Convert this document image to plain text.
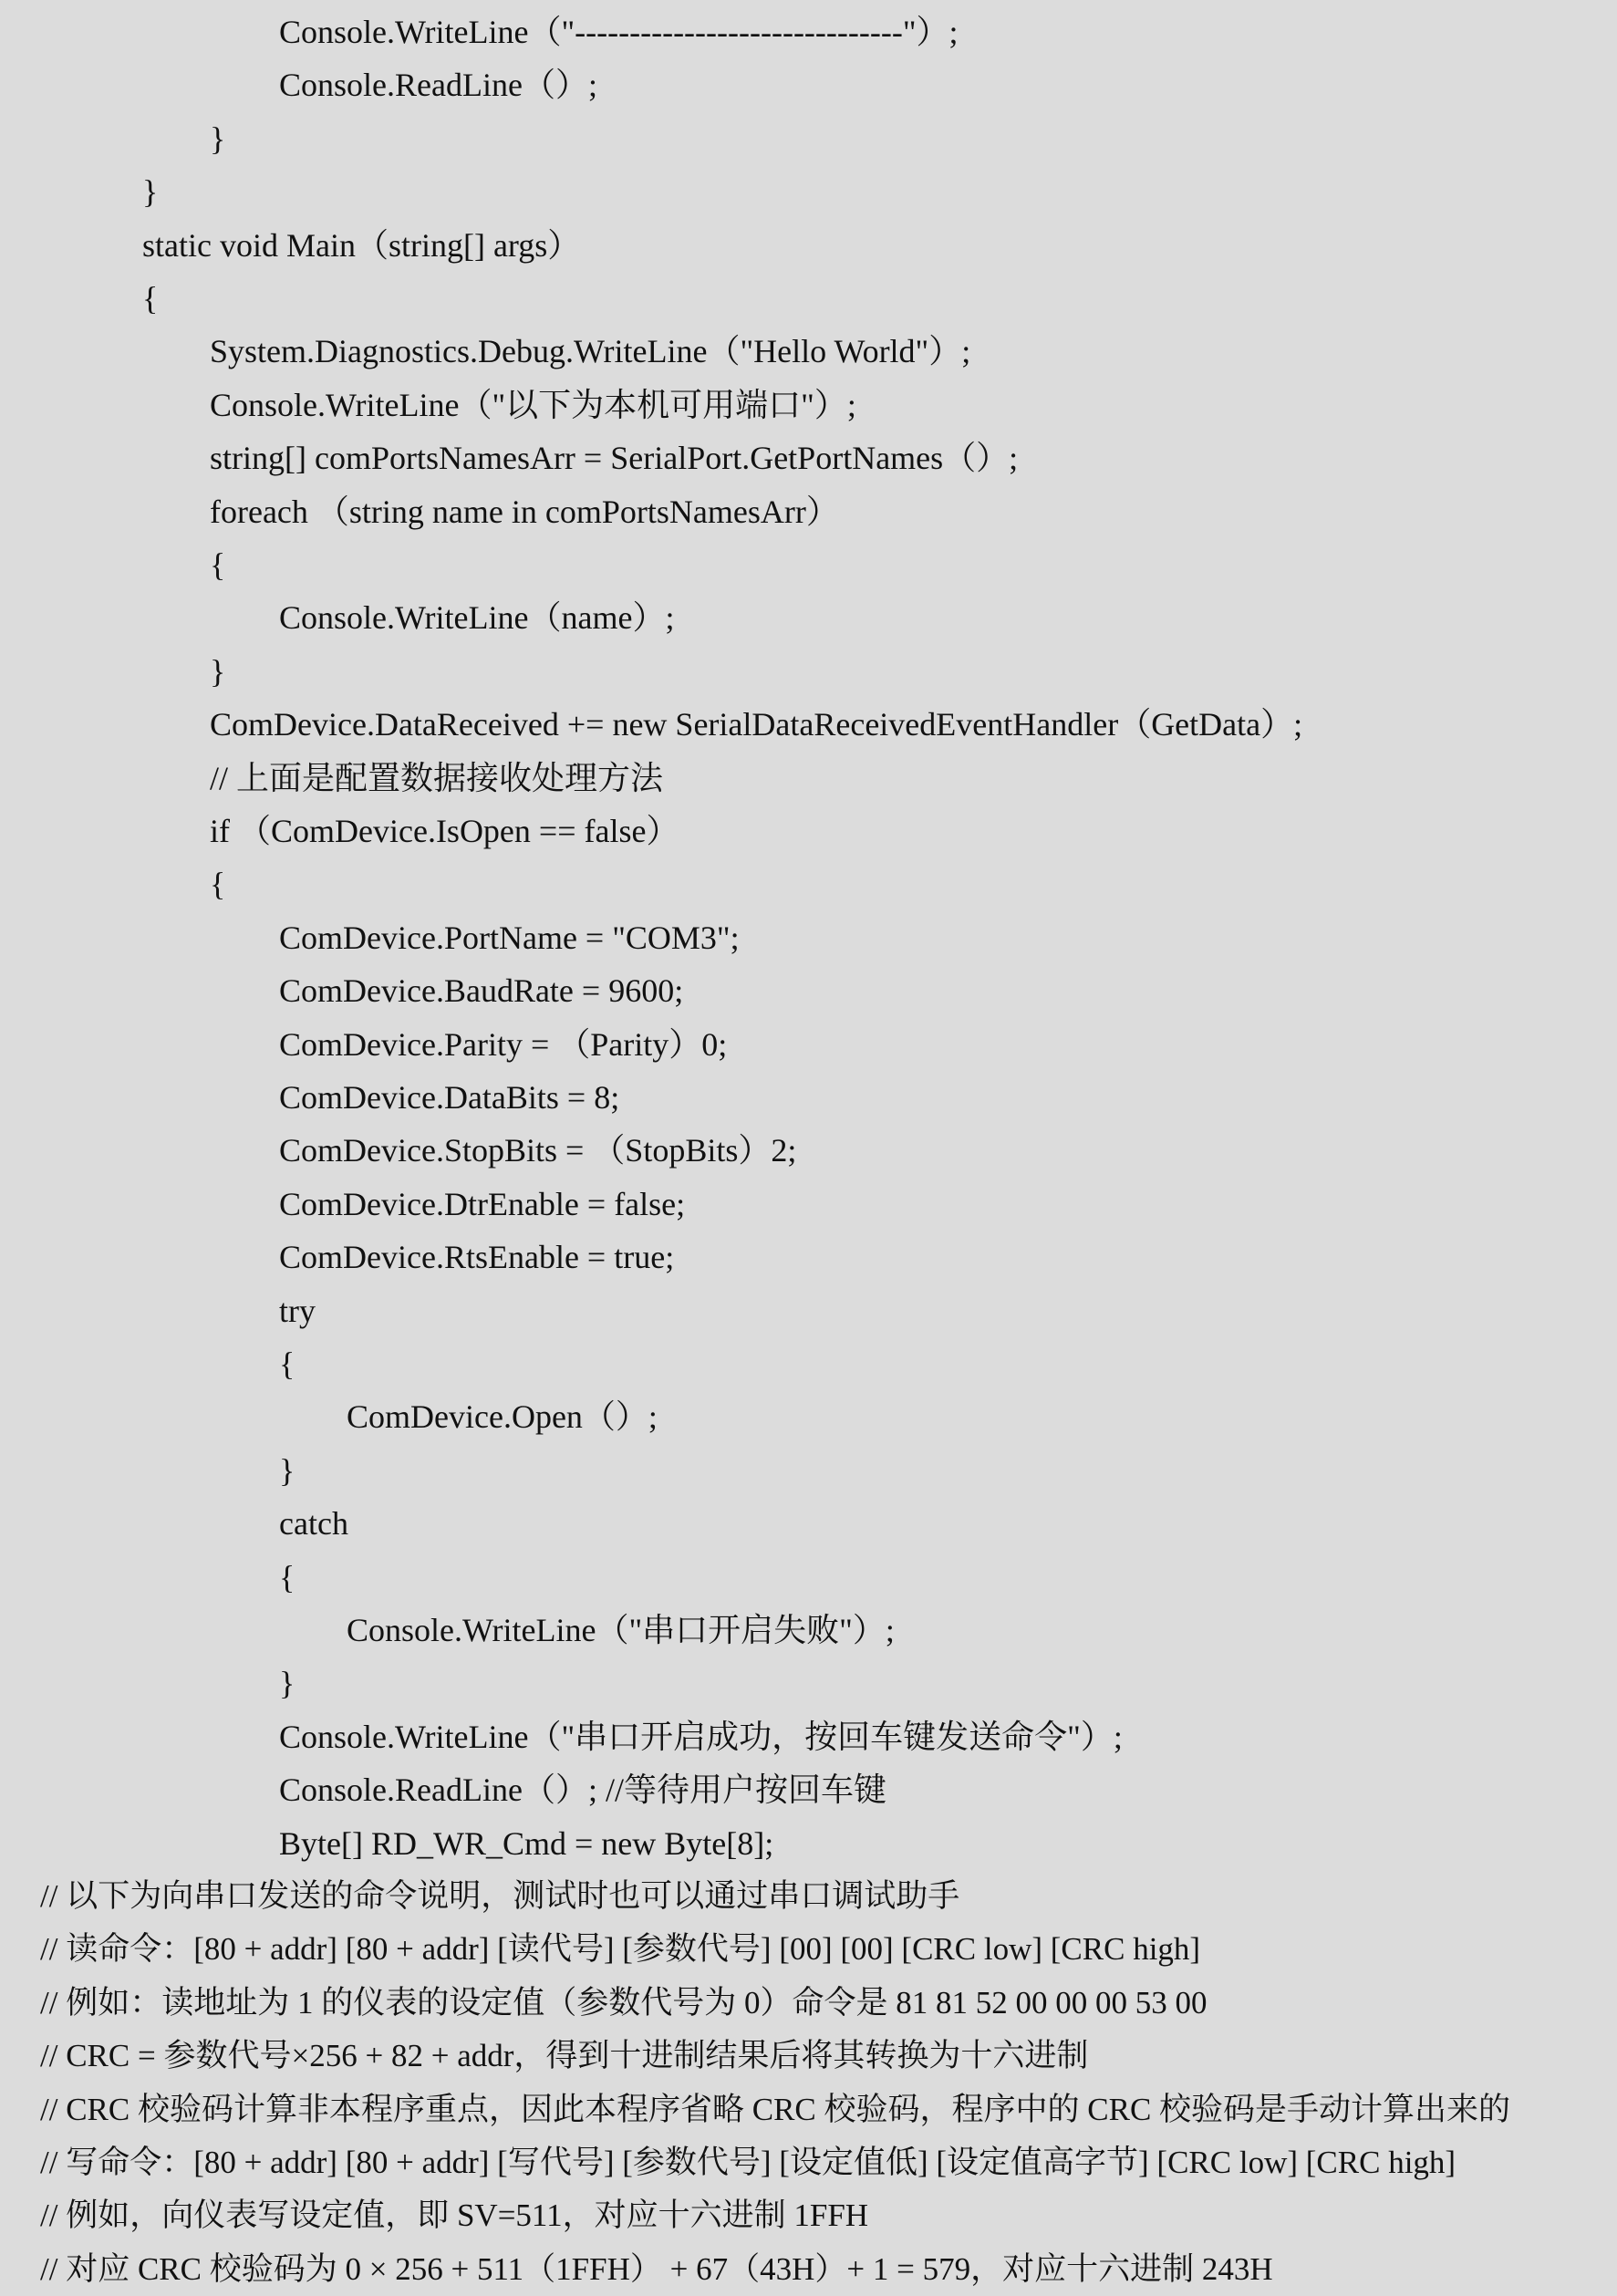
Console.WriteLine（"------------------------------"）;
Console.ReadLine（）;
}
}
static void Main（string[] args）
{
System.Diagnostics.Debug.WriteLine（"Hello World"）;
Console.WriteLine（"以下为本机可用端口"）;
string[] comPortsNamesArr = SerialPort.GetPortNames（）;
foreach （string name in comPortsNamesArr）
{
Console.WriteLine（name）;
}
ComDevice.DataReceived += new SerialDataReceivedEventHandler（GetData）;
// 上面是配置数据接收处理方法
if （ComDevice.IsOpen == false）
{
ComDevice.PortName = "COM3";
ComDevice.BaudRate = 9600;
ComDevice.Parity = （Parity）0;
ComDevice.DataBits = 8;
ComDevice.StopBits = （StopBits）2;
ComDevice.DtrEnable = false;
ComDevice.RtsEnable = true;
try
{
ComDevice.Open（）;
}
catch
{
Console.WriteLine（"串口开启失败"）;
}
Console.WriteLine（"串口开启成功，按回车键发送命令"）;
Console.ReadLine（）; //等待用户按回车键
Byte[] RD_WR_Cmd = new Byte[8];
// 以下为向串口发送的命令说明，测试时也可以通过串口调试助手
// 读命令：[80 + addr] [80 + addr] [读代号] [参数代号] [00] [00] [CRC low] [CRC high]
// 例如：读地址为 1 的仪表的设定值（参数代号为 0）命令是 81 81 52 00 00 00 53 00
// CRC = 参数代号×256 + 82 + addr，得到十进制结果后将其转换为十六进制
// CRC 校验码计算非本程序重点，因此本程序省略 CRC 校验码，程序中的 CRC 校验码是手动计算出来的
// 写命令：[80 + addr] [80 + addr] [写代号] [参数代号] [设定值低] [设定值高字节] [CRC low] [CRC high]
// 例如，向仪表写设定值，即 SV=511，对应十六进制 1FFH
// 对应 CRC 校验码为 0 × 256 + 511（1FFH） + 67（43H）+ 1 = 579，对应十六进制 243H
